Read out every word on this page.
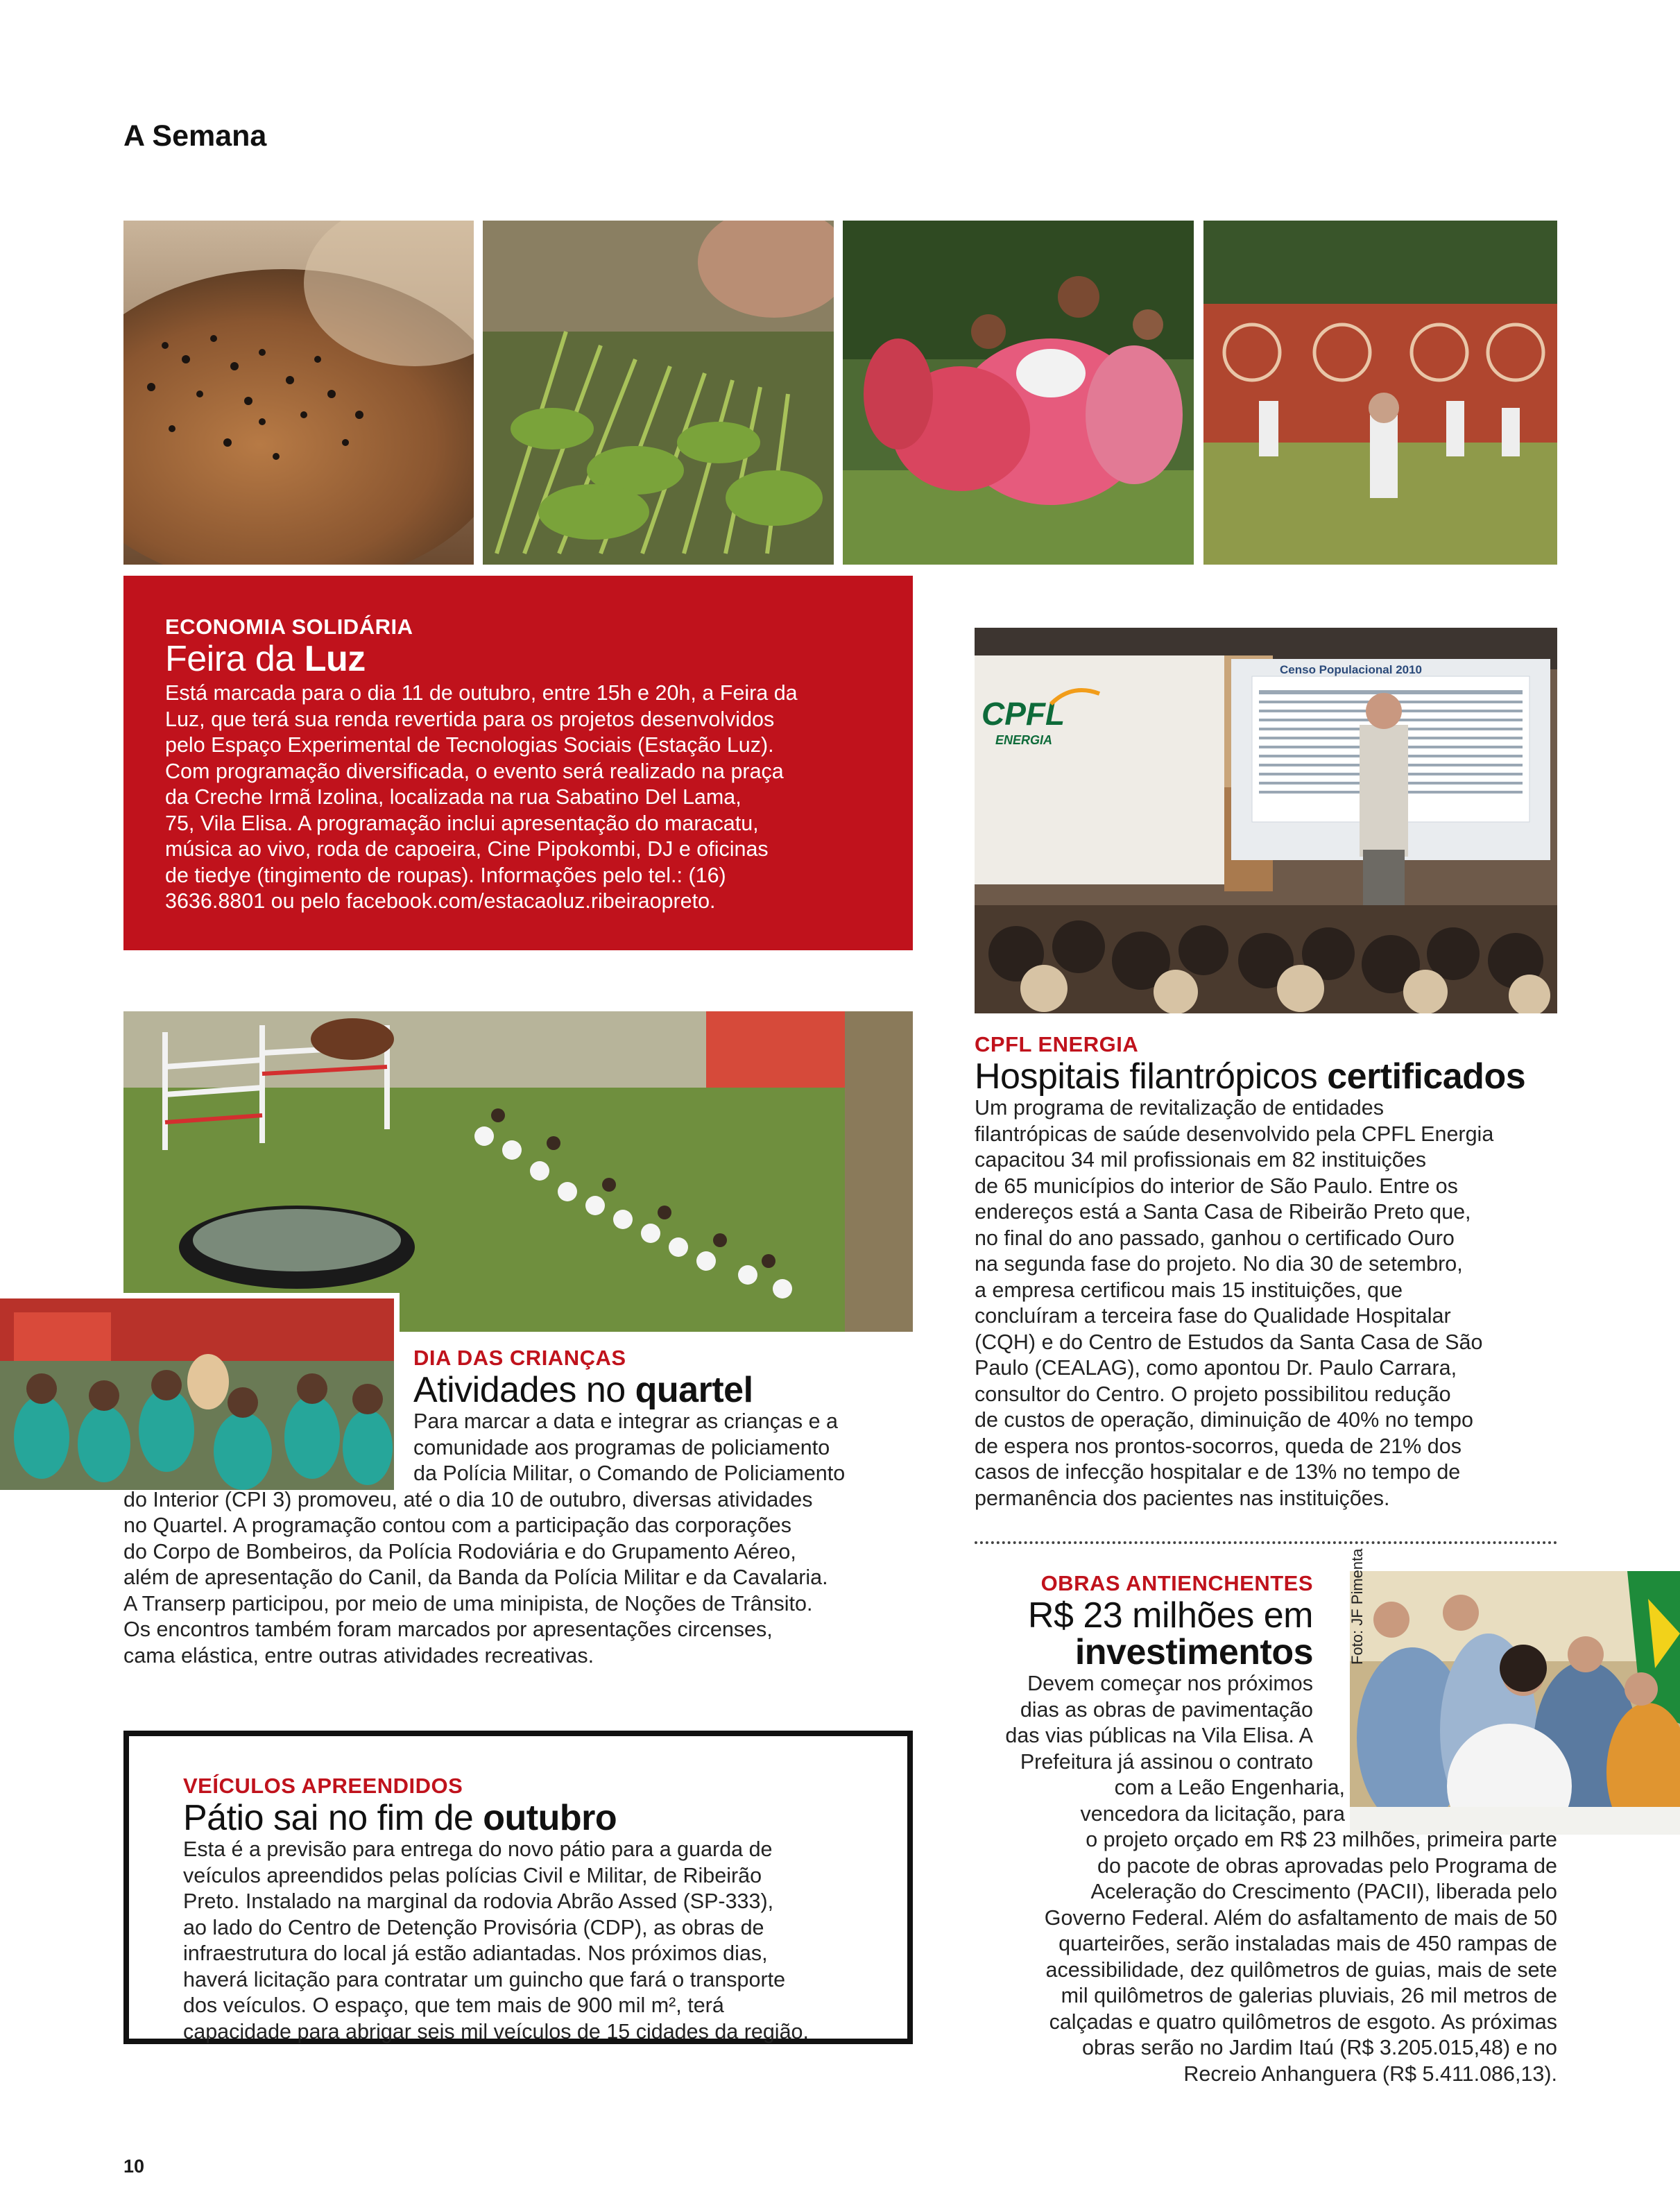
A Semana
ECONOMIA SOLIDÁRIA
Feira da Luz
Está marcada para o dia 11 de outubro, entre 15h e 20h, a Feira da
Luz, que terá sua renda revertida para os projetos desenvolvidos
pelo Espaço Experimental de Tecnologias Sociais (Estação Luz).
Com programação diversificada, o evento será realizado na praça
da Creche Irmã Izolina, localizada na rua Sabatino Del Lama,
75, Vila Elisa. A programação inclui apresentação do maracatu,
música ao vivo, roda de capoeira, Cine Pipokombi, DJ e oficinas
de tiedye (tingimento de roupas). Informações pelo tel.: (16)
3636.8801 ou pelo facebook.com/estacaoluz.ribeiraopreto.
Censo Populacional 2010
CPFL
ENERGIA
CPFL ENERGIA
Hospitais filantrópicos certificados
Um programa de revitalização de entidades
filantrópicas de saúde desenvolvido pela CPFL Energia
capacitou 34 mil profissionais em 82 instituições
de 65 municípios do interior de São Paulo. Entre os
endereços está a Santa Casa de Ribeirão Preto que,
no final do ano passado, ganhou o certificado Ouro
na segunda fase do projeto. No dia 30 de setembro,
a empresa certificou mais 15 instituições, que
concluíram a terceira fase do Qualidade Hospitalar
(CQH) e do Centro de Estudos da Santa Casa de São
Paulo (CEALAG), como apontou Dr. Paulo Carrara,
consultor do Centro. O projeto possibilitou redução
de custos de operação, diminuição de 40% no tempo
de espera nos prontos-socorros, queda de 21% dos
casos de infecção hospitalar e de 13% no tempo de
permanência dos pacientes nas instituições.
DIA DAS CRIANÇAS
Atividades no quartel
Para marcar a data e integrar as crianças e a
comunidade aos programas de policiamento
da Polícia Militar, o Comando de Policiamento
do Interior (CPI 3) promoveu, até o dia 10 de outubro, diversas atividades
no Quartel. A programação contou com a participação das corporações
do Corpo de Bombeiros, da Polícia Rodoviária e do Grupamento Aéreo,
além de apresentação do Canil, da Banda da Polícia Militar e da Cavalaria.
A Transerp participou, por meio de uma minipista, de Noções de Trânsito.
Os encontros também foram marcados por apresentações circenses,
cama elástica, entre outras atividades recreativas.	Foto: JF Pimenta
OBRAS ANTIENCHENTES
R$ 23 milhões em
investimentos
Devem começar nos próximos
dias as obras de pavimentação
das vias públicas na Vila Elisa. A
Prefeitura já assinou o contrato
com a Leão Engenharia,
vencedora da licitação, para
o projeto orçado em R$ 23 milhões, primeira parte
do pacote de obras aprovadas pelo Programa de
Aceleração do Crescimento (PACII), liberada pelo
Governo Federal. Além do asfaltamento de mais de 50
quarteirões, serão instaladas mais de 450 rampas de
acessibilidade, dez quilômetros de guias, mais de sete
mil quilômetros de galerias pluviais, 26 mil metros de
calçadas e quatro quilômetros de esgoto. As próximas
obras serão no Jardim Itaú (R$ 3.205.015,48) e no
Recreio Anhanguera (R$ 5.411.086,13).
VEÍCULOS APREENDIDOS
Pátio sai no fim de outubro
Esta é a previsão para entrega do novo pátio para a guarda de
veículos apreendidos pelas polícias Civil e Militar, de Ribeirão
Preto. Instalado na marginal da rodovia Abrão Assed (SP-333),
ao lado do Centro de Detenção Provisória (CDP), as obras de
infraestrutura do local já estão adiantadas. Nos próximos dias,
haverá licitação para contratar um guincho que fará o transporte
dos veículos. O espaço, que tem mais de 900 mil m², terá
capacidade para abrigar seis mil veículos de 15 cidades da região.
10
